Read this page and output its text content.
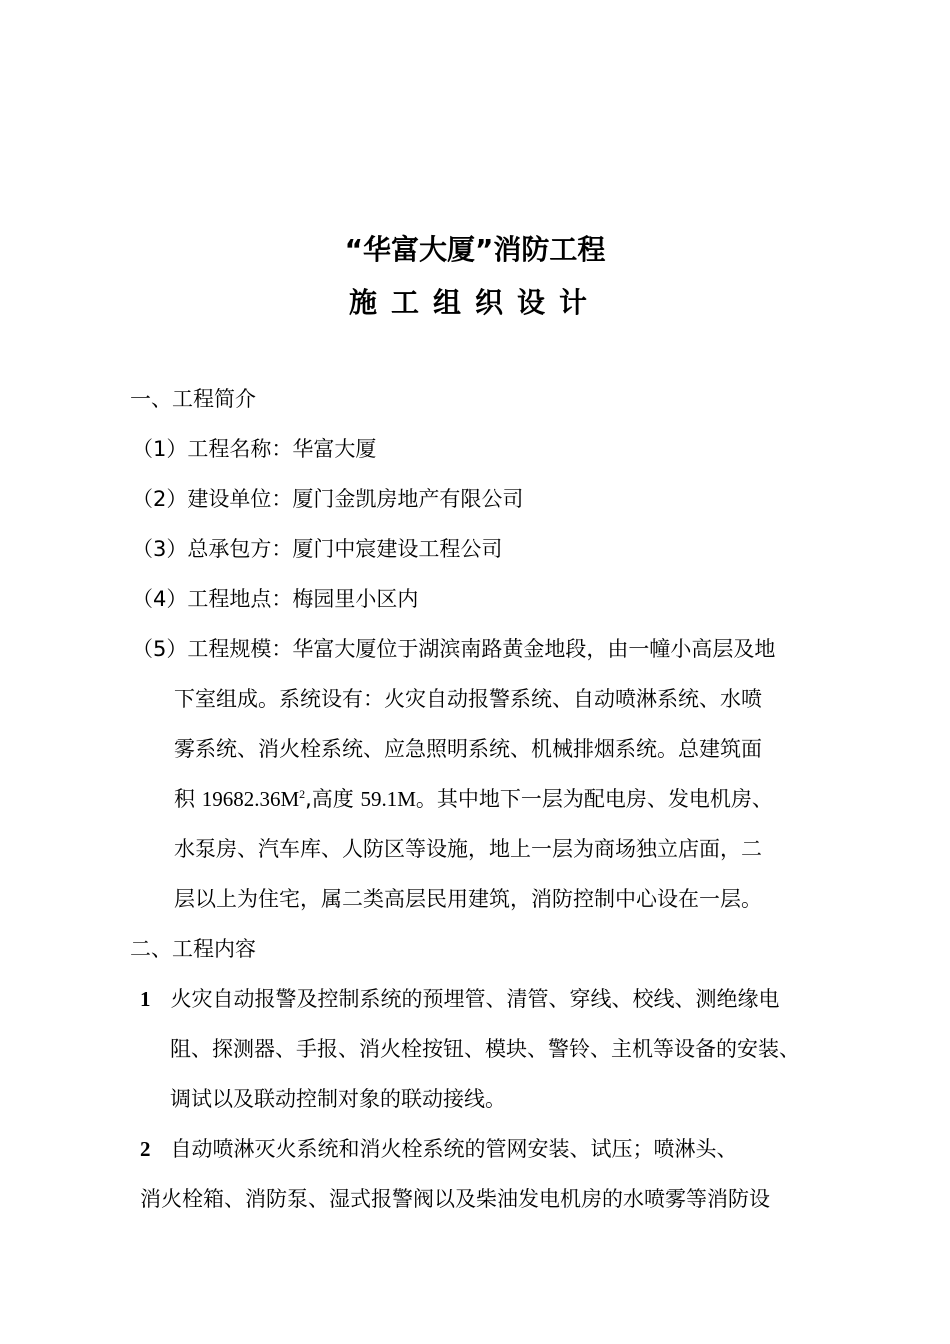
“华富大厦”消防工程
施工组织设计
一、工程简介
（1）工程名称：华富大厦
（2）建设单位：厦门金凯房地产有限公司
（3）总承包方：厦门中宸建设工程公司
（4）工程地点：梅园里小区内
（5）工程规模：华富大厦位于湖滨南路黄金地段，由一幢小高层及地
下室组成。系统设有：火灾自动报警系统、自动喷淋系统、水喷
雾系统、消火栓系统、应急照明系统、机械排烟系统。总建筑面
积 $19682.36M^2$,高度 59.1M。其中地下一层为配电房、发电机房、
水泵房、汽车库、人防区等设施，地上一层为商场独立店面，二
层以上为住宅，属二类高层民用建筑，消防控制中心设在一层。
二、工程内容
1 火灾自动报警及控制系统的预埋管、清管、穿线、校线、测绝缘电
阻、探测器、手报、消火栓按钮、模块、警铃、主机等设备的安装、
调试以及联动控制对象的联动接线。
2 自动喷淋灭火系统和消火栓系统的管网安装、试压；喷淋头、
消火栓箱、消防泵、湿式报警阀以及柴油发电机房的水喷雾等消防设
